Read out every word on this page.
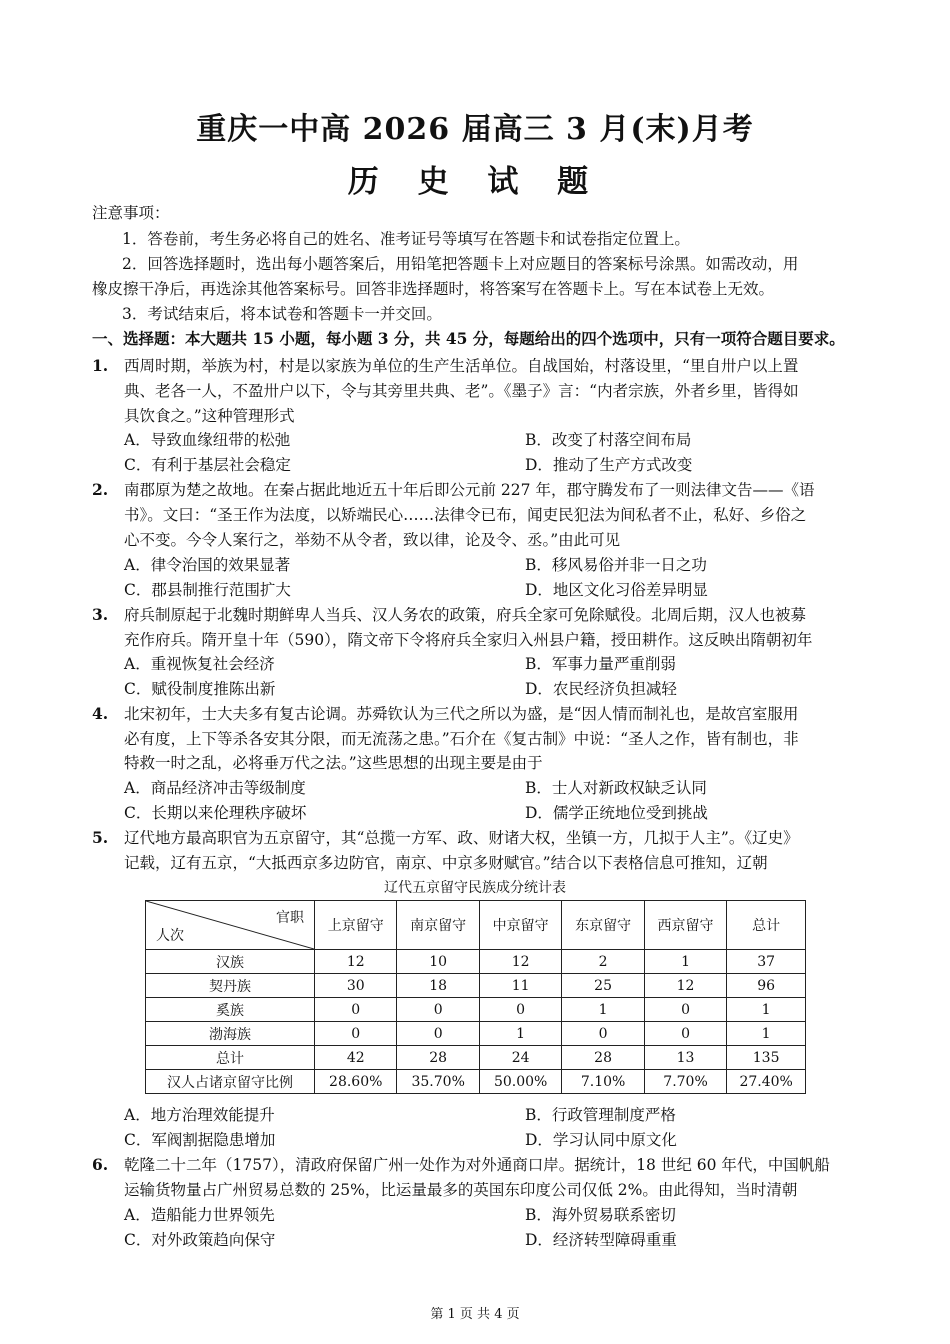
重庆一中高 2026 届高三 3 月(末)月考
历 史 试 题
注意事项：
1．答卷前，考生务必将自己的姓名、准考证号等填写在答题卡和试卷指定位置上。
2．回答选择题时，选出每小题答案后，用铅笔把答题卡上对应题目的答案标号涂黑。如需改动，用
橡皮擦干净后，再选涂其他答案标号。回答非选择题时，将答案写在答题卡上。写在本试卷上无效。
3．考试结束后，将本试卷和答题卡一并交回。
一、选择题：本大题共 15 小题，每小题 3 分，共 45 分，每题给出的四个选项中，只有一项符合题目要求。
1. 西周时期，举族为村，村是以家族为单位的生产生活单位。自战国始，村落设里，“里自卅户以上置
典、老各一人，不盈卅户以下，令与其旁里共典、老”。《墨子》言：“内者宗族，外者乡里，皆得如
具饮食之。”这种管理形式
A．导致血缘纽带的松弛	B．改变了村落空间布局
C．有利于基层社会稳定	D．推动了生产方式改变
2. 南郡原为楚之故地。在秦占据此地近五十年后即公元前 227 年，郡守腾发布了一则法律文告——《语
书》。文曰：“圣王作为法度，以矫端民心……法律令已布，闻吏民犯法为间私者不止，私好、乡俗之
心不变。今令人案行之，举劾不从令者，致以律，论及令、丞。”由此可见
A．律令治国的效果显著	B．移风易俗并非一日之功
C．郡县制推行范围扩大	D．地区文化习俗差异明显
3. 府兵制原起于北魏时期鲜卑人当兵、汉人务农的政策，府兵全家可免除赋役。北周后期，汉人也被募
充作府兵。隋开皇十年（590），隋文帝下令将府兵全家归入州县户籍，授田耕作。这反映出隋朝初年
A．重视恢复社会经济	B．军事力量严重削弱
C．赋役制度推陈出新	D．农民经济负担减轻
4. 北宋初年，士大夫多有复古论调。苏舜钦认为三代之所以为盛，是“因人情而制礼也，是故宫室服用
必有度，上下等杀各安其分限，而无流荡之患。”石介在《复古制》中说：“圣人之作，皆有制也，非
特救一时之乱，必将垂万代之法。”这些思想的出现主要是由于
A．商品经济冲击等级制度	B．士人对新政权缺乏认同
C．长期以来伦理秩序破坏	D．儒学正统地位受到挑战
5. 辽代地方最高职官为五京留守，其“总揽一方军、政、财诸大权，坐镇一方，几拟于人主”。《辽史》
记载，辽有五京，“大抵西京多边防官，南京、中京多财赋官。”结合以下表格信息可推知，辽朝
辽代五京留守民族成分统计表
官职
人次	上京留守	南京留守	中京留守	东京留守	西京留守	总计
汉族	12	10	12	2	1	37
契丹族	30	18	11	25	12	96
奚族	0	0	0	1	0	1
渤海族	0	0	1	0	0	1
总计	42	28	24	28	13	135
汉人占诸京留守比例	28.60%	35.70%	50.00%	7.10%	7.70%	27.40%
A．地方治理效能提升	B．行政管理制度严格
C．军阀割据隐患增加	D．学习认同中原文化
6. 乾隆二十二年（1757），清政府保留广州一处作为对外通商口岸。据统计，18 世纪 60 年代，中国帆船
运输货物量占广州贸易总数的 25%，比运量最多的英国东印度公司仅低 2%。由此得知，当时清朝
A．造船能力世界领先	B．海外贸易联系密切
C．对外政策趋向保守	D．经济转型障碍重重
第 1 页 共 4 页
